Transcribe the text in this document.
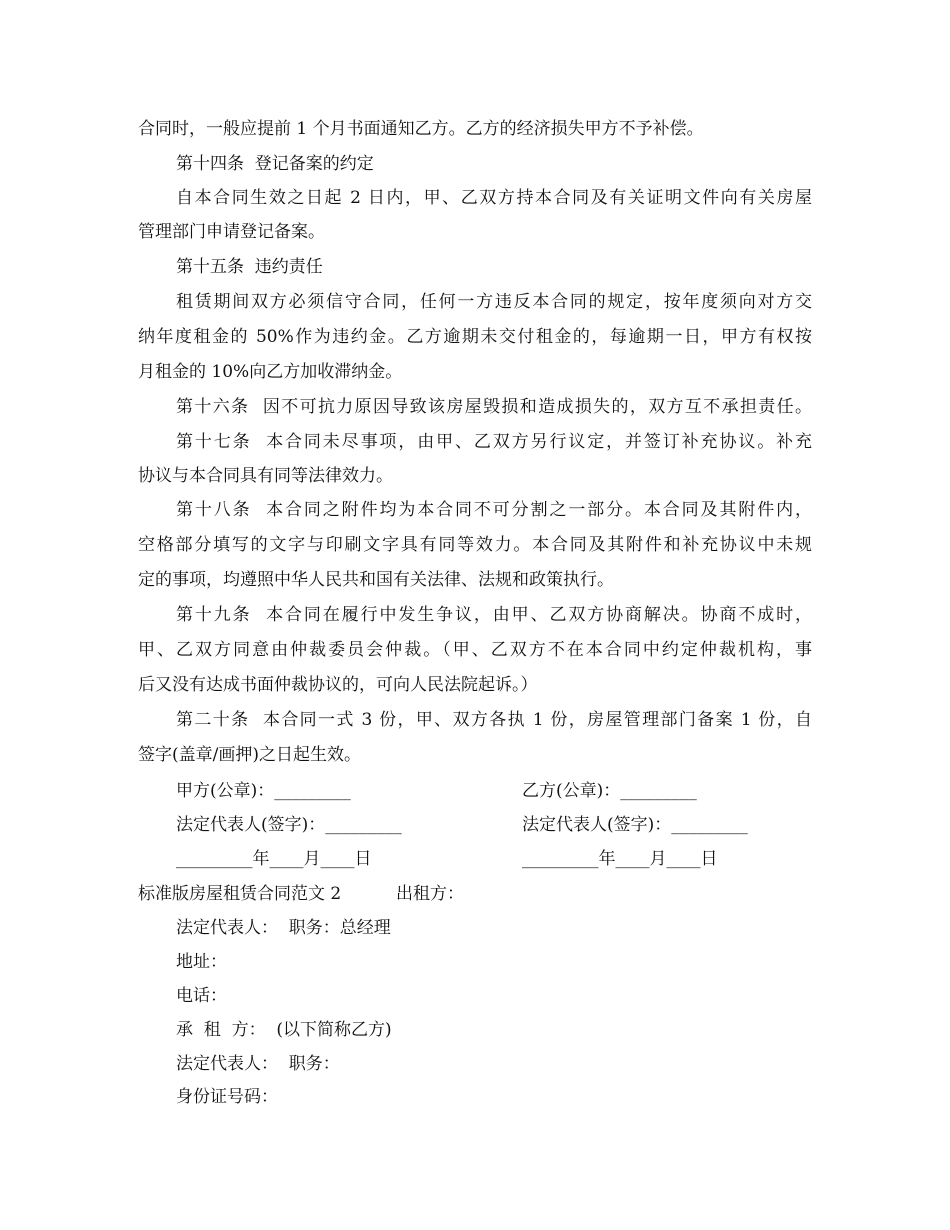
合同时，一般应提前 1 个月书面通知乙方。乙方的经济损失甲方不予补偿。
第十四条  登记备案的约定
自本合同生效之日起 2 日内，甲、乙双方持本合同及有关证明文件向有关房屋
管理部门申请登记备案。
第十五条  违约责任
租赁期间双方必须信守合同，任何一方违反本合同的规定，按年度须向对方交
纳年度租金的 50%作为违约金。乙方逾期未交付租金的，每逾期一日，甲方有权按
月租金的 10%向乙方加收滞纳金。
第十六条  因不可抗力原因导致该房屋毁损和造成损失的，双方互不承担责任。
第十七条  本合同未尽事项，由甲、乙双方另行议定，并签订补充协议。补充
协议与本合同具有同等法律效力。
第十八条  本合同之附件均为本合同不可分割之一部分。本合同及其附件内，
空格部分填写的文字与印刷文字具有同等效力。本合同及其附件和补充协议中未规
定的事项，均遵照中华人民共和国有关法律、法规和政策执行。
第十九条  本合同在履行中发生争议，由甲、乙双方协商解决。协商不成时，
甲、乙双方同意由仲裁委员会仲裁。（甲、乙双方不在本合同中约定仲裁机构，事
后又没有达成书面仲裁协议的，可向人民法院起诉。）
第二十条  本合同一式 3 份，甲、双方各执 1 份，房屋管理部门备案 1 份，自
签字(盖章/画押)之日起生效。
甲方(公章)：_________	乙方(公章)：_________
法定代表人(签字)：_________	法定代表人(签字)：_________
_________年____月____日	_________年____月____日
标准版房屋租赁合同范文 2	出租方：
法定代表人：  职务：总经理
地址：
电话：
承  租  方：  (以下简称乙方)
法定代表人：  职务：
身份证号码：
